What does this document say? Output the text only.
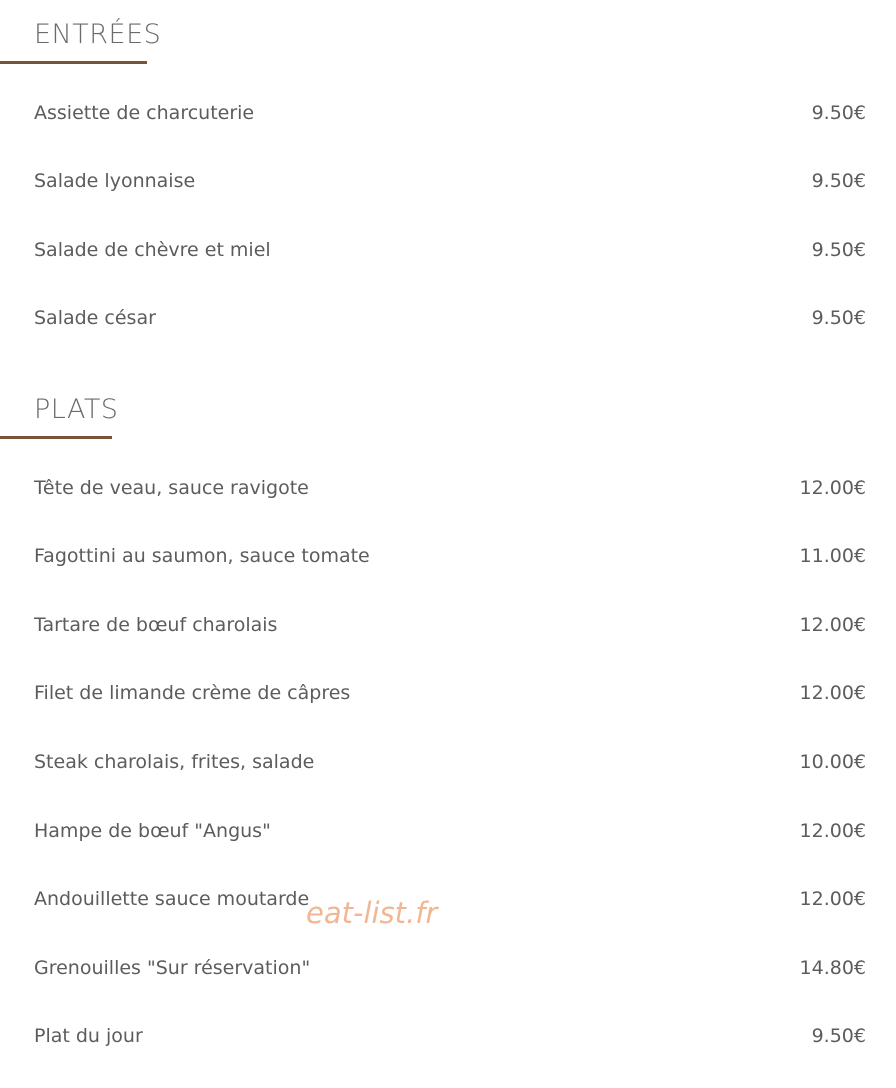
ENTRÉES
Assiette de charcuterie	9.50€
Salade lyonnaise	9.50€
Salade de chèvre et miel	9.50€
Salade césar	9.50€
PLATS
Tête de veau, sauce ravigote	12.00€
Fagottini au saumon, sauce tomate	11.00€
Tartare de bœuf charolais	12.00€
Filet de limande crème de câpres	12.00€
Steak charolais, frites, salade	10.00€
Hampe de bœuf "Angus"	12.00€
Andouillette sauce moutarde	12.00€
Grenouilles "Sur réservation"	14.80€
Plat du jour	9.50€
eat-list.fr
